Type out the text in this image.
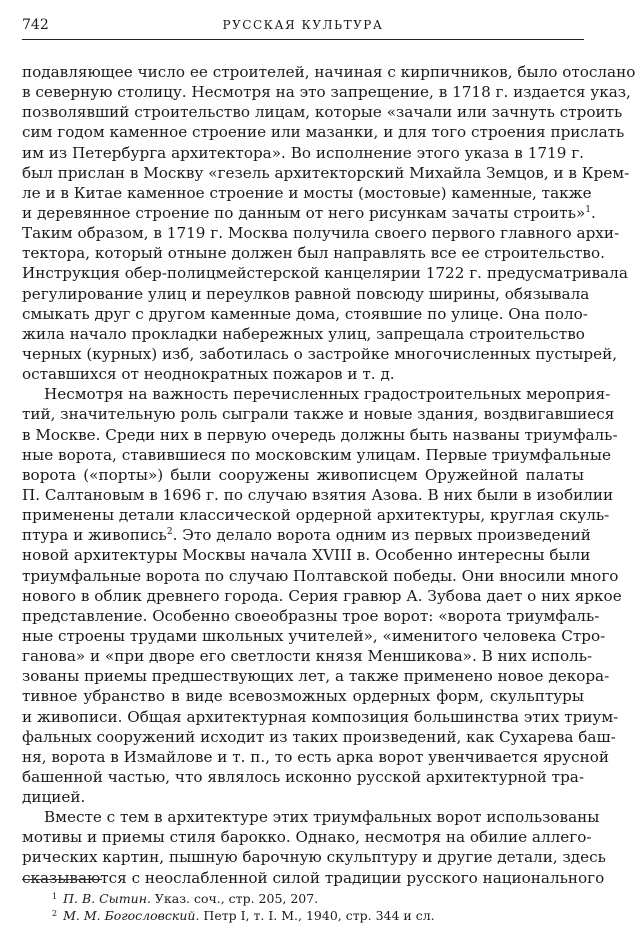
742	РУССКАЯ КУЛЬТУРА
подавляющее число ее строителей, начиная с кирпичников, было отослано
в северную столицу. Несмотря на это запрещение, в 1718 г. издается указ,
позволявший строительство лицам, которые «зачали или зачнуть строить
сим годом каменное строение или мазанки, и для того строения прислать
им из Петербурга архитектора». Во исполнение этого указа в 1719 г.
был прислан в Москву «гезель архитекторский Михайла Земцов, и в Крем-
ле и в Китае каменное строение и мосты (мостовые) каменные, также
и деревянное строение по данным от него рисункам зачаты строить»$^1$.
Таким образом, в 1719 г. Москва получила своего первого главного архи-
тектора, который отныне должен был направлять все ее строительство.
Инструкция обер-полицмейстерской канцелярии 1722 г. предусматривала
регулирование улиц и переулков равной повсюду ширины, обязывала
смыкать друг с другом каменные дома, стоявшие по улице. Она поло-
жила начало прокладки набережных улиц, запрещала строительство
черных (курных) изб, заботилась о застройке многочисленных пустырей,
оставшихся от неоднократных пожаров и т. д.
Несмотря на важность перечисленных градостроительных мероприя-
тий, значительную роль сыграли также и новые здания, воздвигавшиеся
в Москве. Среди них в первую очередь должны быть названы триумфаль-
ные ворота, ставившиеся по московским улицам. Первые триумфальные
ворота («порты») были сооружены живописцем Оружейной палаты
П. Салтановым в 1696 г. по случаю взятия Азова. В них были в изобилии
применены детали классической ордерной архитектуры, круглая скуль-
птура и живопись$^2$. Это делало ворота одним из первых произведений
новой архитектуры Москвы начала XVIII в. Особенно интересны были
триумфальные ворота по случаю Полтавской победы. Они вносили много
нового в облик древнего города. Серия гравюр А. Зубова дает о них яркое
представление. Особенно своеобразны трое ворот: «ворота триумфаль-
ные строены трудами школьных учителей», «именитого человека Стро-
ганова» и «при дворе его светлости князя Меншикова». В них исполь-
зованы приемы предшествующих лет, а также применено новое декора-
тивное убранство в виде всевозможных ордерных форм, скульптуры
и живописи. Общая архитектурная композиция большинства этих триум-
фальных сооружений исходит из таких произведений, как Сухарева баш-
ня, ворота в Измайлове и т. п., то есть арка ворот увенчивается ярусной
башенной частью, что являлось исконно русской архитектурной тра-
дицией.
Вместе с тем в архитектуре этих триумфальных ворот использованы
мотивы и приемы стиля барокко. Однако, несмотря на обилие аллего-
рических картин, пышную барочную скульптуру и другие детали, здесь
сказываются с неослабленной силой традиции русского национального
$^1$ П. В. Сытин. Указ. соч., стр. 205, 207.
$^2$ М. М. Богословский. Петр I, т. I. М., 1940, стр. 344 и сл.
